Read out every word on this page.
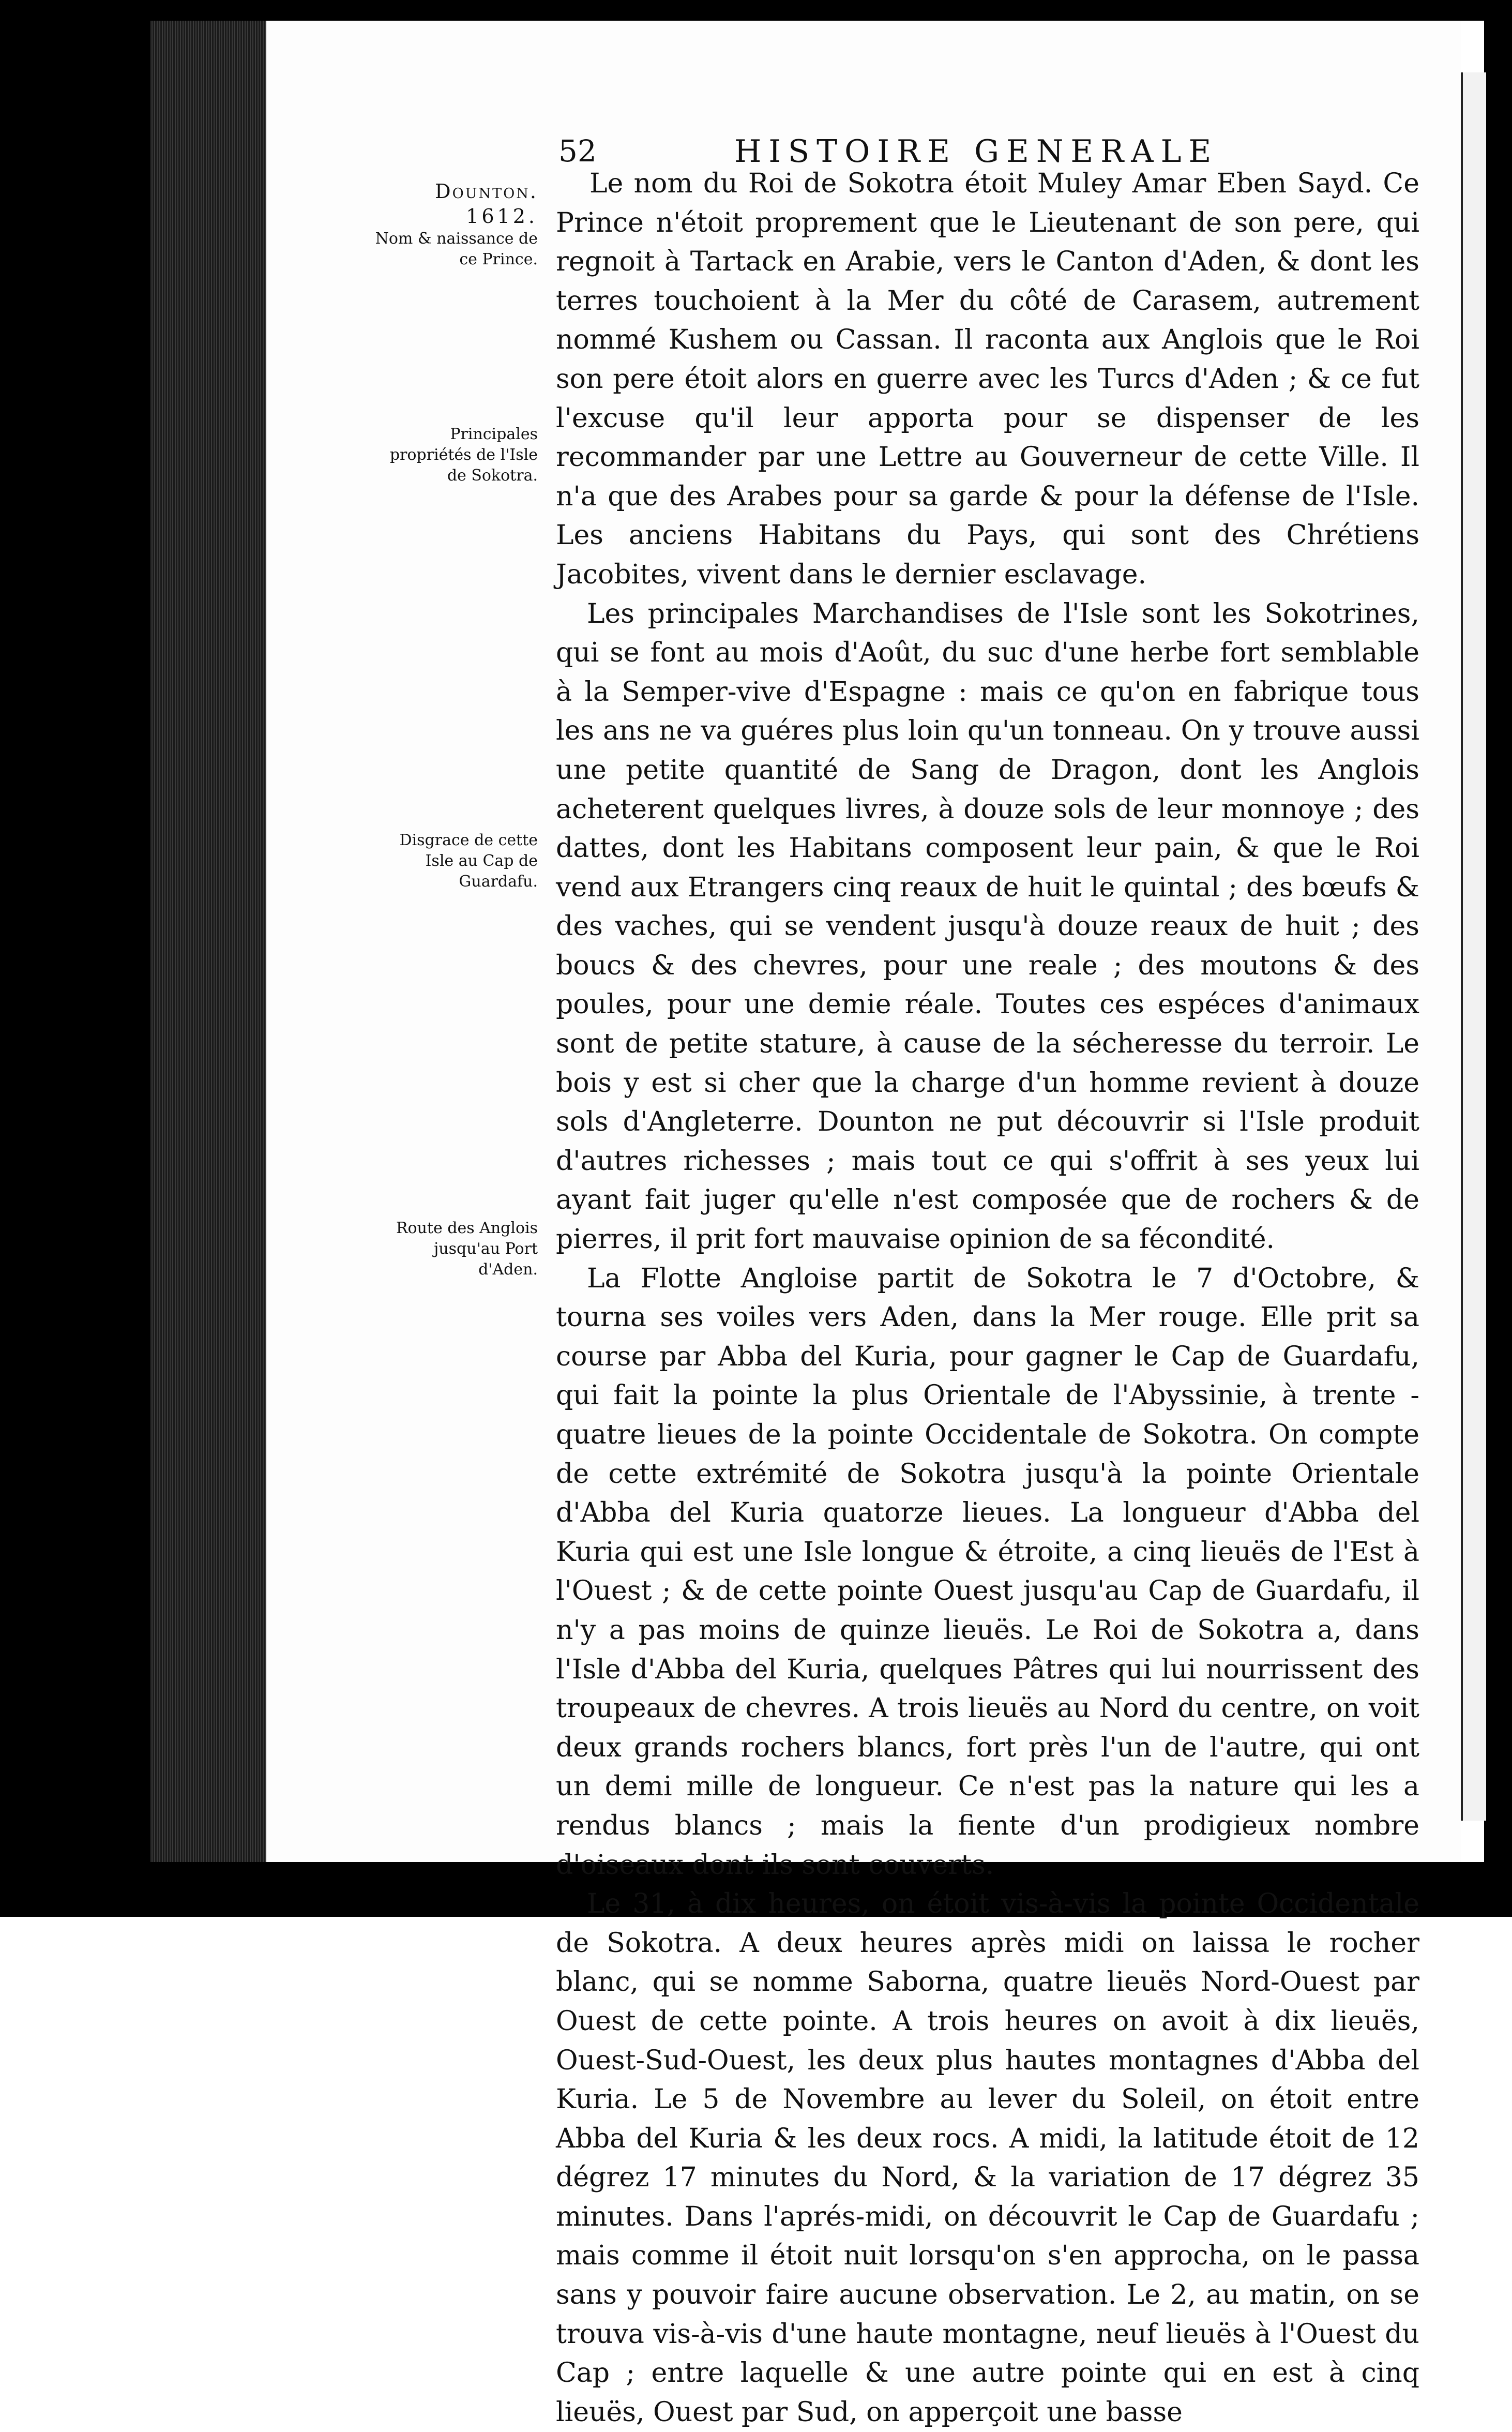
52	HISTOIRE GENERALE
Dounton.
1612.
Nom & naissance de ce Prince.
Principales propriétés de l'Isle de Sokotra.
Disgrace de cette Isle au Cap de Guardafu.
Route des Anglois jusqu'au Port d'Aden.

Le nom du Roi de Sokotra étoit Muley Amar Eben Sayd. Ce Prince n'étoit proprement que le Lieutenant de son pere, qui regnoit à Tartack en Arabie, vers le Canton d'Aden, & dont les terres touchoient à la Mer du côté de Carasem, autrement nommé Kushem ou Cassan. Il raconta aux Anglois que le Roi son pere étoit alors en guerre avec les Turcs d'Aden ; & ce fut l'excuse qu'il leur apporta pour se dispenser de les recommander par une Lettre au Gouverneur de cette Ville. Il n'a que des Arabes pour sa garde & pour la défense de l'Isle. Les anciens Habitans du Pays, qui sont des Chrétiens Jacobites, vivent dans le dernier esclavage.

Les principales Marchandises de l'Isle sont les Sokotrines, qui se font au mois d'Août, du suc d'une herbe fort semblable à la Semper-vive d'Espagne : mais ce qu'on en fabrique tous les ans ne va guéres plus loin qu'un tonneau. On y trouve aussi une petite quantité de Sang de Dragon, dont les Anglois acheterent quelques livres, à douze sols de leur monnoye ; des dattes, dont les Habitans composent leur pain, & que le Roi vend aux Etrangers cinq reaux de huit le quintal ; des bœufs & des vaches, qui se vendent jusqu'à douze reaux de huit ; des boucs & des chevres, pour une reale ; des moutons & des poules, pour une demie réale. Toutes ces espéces d'animaux sont de petite stature, à cause de la sécheresse du terroir. Le bois y est si cher que la charge d'un homme revient à douze sols d'Angleterre. Dounton ne put découvrir si l'Isle produit d'autres richesses ; mais tout ce qui s'offrit à ses yeux lui ayant fait juger qu'elle n'est composée que de rochers & de pierres, il prit fort mauvaise opinion de sa fécondité.

La Flotte Angloise partit de Sokotra le 7 d'Octobre, & tourna ses voiles vers Aden, dans la Mer rouge. Elle prit sa course par Abba del Kuria, pour gagner le Cap de Guardafu, qui fait la pointe la plus Orientale de l'Abyssinie, à trente - quatre lieues de la pointe Occidentale de Sokotra. On compte de cette extrémité de Sokotra jusqu'à la pointe Orientale d'Abba del Kuria quatorze lieues. La longueur d'Abba del Kuria qui est une Isle longue & étroite, a cinq lieuës de l'Est à l'Ouest ; & de cette pointe Ouest jusqu'au Cap de Guardafu, il n'y a pas moins de quinze lieuës. Le Roi de Sokotra a, dans l'Isle d'Abba del Kuria, quelques Pâtres qui lui nourrissent des troupeaux de chevres. A trois lieuës au Nord du centre, on voit deux grands rochers blancs, fort près l'un de l'autre, qui ont un demi mille de longueur. Ce n'est pas la nature qui les a rendus blancs ; mais la fiente d'un prodigieux nombre d'oiseaux dont ils sont couverts.

Le 31, à dix heures, on étoit vis-à-vis la pointe Occidentale de Sokotra. A deux heures après midi on laissa le rocher blanc, qui se nomme Saborna, quatre lieuës Nord-Ouest par Ouest de cette pointe. A trois heures on avoit à dix lieuës, Ouest-Sud-Ouest, les deux plus hautes montagnes d'Abba del Kuria. Le 5 de Novembre au lever du Soleil, on étoit entre Abba del Kuria & les deux rocs. A midi, la latitude étoit de 12 dégrez 17 minutes du Nord, & la variation de 17 dégrez 35 minutes. Dans l'aprés-midi, on découvrit le Cap de Guardafu ; mais comme il étoit nuit lorsqu'on s'en approcha, on le passa sans y pouvoir faire aucune observation. Le 2, au matin, on se trouva vis-à-vis d'une haute montagne, neuf lieuës à l'Ouest du Cap ; entre laquelle & une autre pointe qui en est à cinq lieuës, Ouest par Sud, on apperçoit une basse
